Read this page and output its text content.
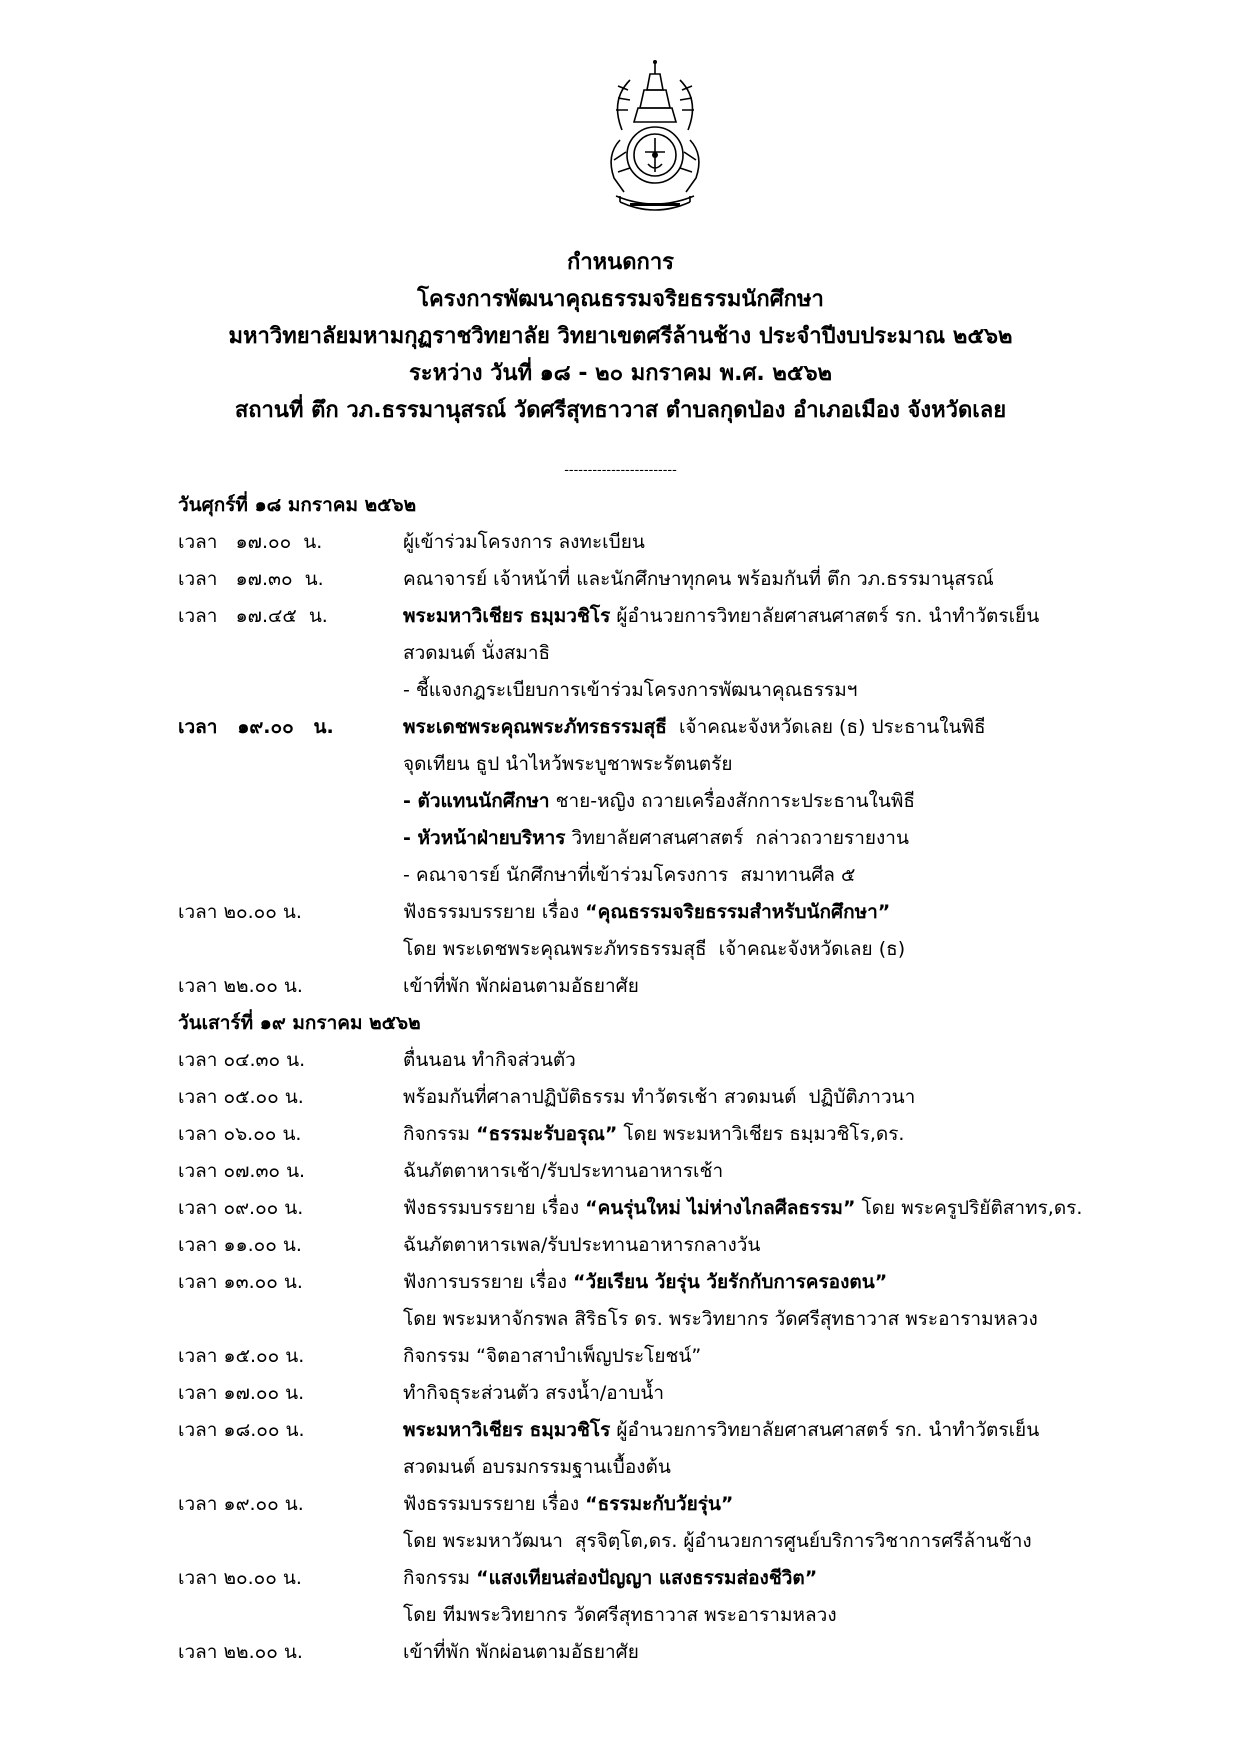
กำหนดการ
โครงการพัฒนาคุณธรรมจริยธรรมนักศึกษา
มหาวิทยาลัยมหามกุฏราชวิทยาลัย วิทยาเขตศรีล้านช้าง ประจำปีงบประมาณ ๒๕๖๒
ระหว่าง วันที่ ๑๘ - ๒๐ มกราคม พ.ศ. ๒๕๖๒
สถานที่ ตึก วภ.ธรรมานุสรณ์ วัดศรีสุทธาวาส ตำบลกุดป่อง อำเภอเมือง จังหวัดเลย
------------------------
วันศุกร์ที่ ๑๘ มกราคม ๒๕๖๒
เวลา   ๑๗.๐๐  น.	ผู้เข้าร่วมโครงการ ลงทะเบียน
เวลา   ๑๗.๓๐  น.	คณาจารย์ เจ้าหน้าที่ และนักศึกษาทุกคน พร้อมกันที่ ตึก วภ.ธรรมานุสรณ์
เวลา   ๑๗.๔๕  น.	พระมหาวิเชียร ธมฺมวชิโร ผู้อำนวยการวิทยาลัยศาสนศาสตร์ รก. นำทำวัตรเย็น
สวดมนต์ นั่งสมาธิ
- ชี้แจงกฎระเบียบการเข้าร่วมโครงการพัฒนาคุณธรรมฯ
เวลา   ๑๙.๐๐   น.	พระเดชพระคุณพระภัทรธรรมสุธี  เจ้าคณะจังหวัดเลย (ธ) ประธานในพิธี
จุดเทียน ธูป นำไหว้พระบูชาพระรัตนตรัย
- ตัวแทนนักศึกษา ชาย-หญิง ถวายเครื่องสักการะประธานในพิธี
- หัวหน้าฝ่ายบริหาร วิทยาลัยศาสนศาสตร์  กล่าวถวายรายงาน
- คณาจารย์ นักศึกษาที่เข้าร่วมโครงการ  สมาทานศีล ๕
เวลา ๒๐.๐๐ น.	ฟังธรรมบรรยาย เรื่อง “คุณธรรมจริยธรรมสำหรับนักศึกษา”
โดย พระเดชพระคุณพระภัทรธรรมสุธี  เจ้าคณะจังหวัดเลย (ธ)
เวลา ๒๒.๐๐ น.	เข้าที่พัก พักผ่อนตามอัธยาศัย
วันเสาร์ที่ ๑๙ มกราคม ๒๕๖๒
เวลา ๐๔.๓๐ น.	ตื่นนอน ทำกิจส่วนตัว
เวลา ๐๕.๐๐ น.	พร้อมกันที่ศาลาปฏิบัติธรรม ทำวัตรเช้า สวดมนต์  ปฏิบัติภาวนา
เวลา ๐๖.๐๐ น.	กิจกรรม “ธรรมะรับอรุณ” โดย พระมหาวิเชียร ธมฺมวชิโร,ดร.
เวลา ๐๗.๓๐ น.	ฉันภัตตาหารเช้า/รับประทานอาหารเช้า
เวลา ๐๙.๐๐ น.	ฟังธรรมบรรยาย เรื่อง “คนรุ่นใหม่ ไม่ห่างไกลศีลธรรม” โดย พระครูปริยัติสาทร,ดร.
เวลา ๑๑.๐๐ น.	ฉันภัตตาหารเพล/รับประทานอาหารกลางวัน
เวลา ๑๓.๐๐ น.	ฟังการบรรยาย เรื่อง “วัยเรียน วัยรุ่น วัยรักกับการครองตน”
โดย พระมหาจักรพล สิริธโร ดร. พระวิทยากร วัดศรีสุทธาวาส พระอารามหลวง
เวลา ๑๕.๐๐ น.	กิจกรรม “จิตอาสาบำเพ็ญประโยชน์”
เวลา ๑๗.๐๐ น.	ทำกิจธุระส่วนตัว สรงน้ำ/อาบน้ำ
เวลา ๑๘.๐๐ น.	พระมหาวิเชียร ธมฺมวชิโร ผู้อำนวยการวิทยาลัยศาสนศาสตร์ รก. นำทำวัตรเย็น
สวดมนต์ อบรมกรรมฐานเบื้องต้น
เวลา ๑๙.๐๐ น.	ฟังธรรมบรรยาย เรื่อง “ธรรมะกับวัยรุ่น”
โดย พระมหาวัฒนา  สุรจิตฺโต,ดร. ผู้อำนวยการศูนย์บริการวิชาการศรีล้านช้าง
เวลา ๒๐.๐๐ น.	กิจกรรม “แสงเทียนส่องปัญญา แสงธรรมส่องชีวิต”
โดย ทีมพระวิทยากร วัดศรีสุทธาวาส พระอารามหลวง
เวลา ๒๒.๐๐ น.	เข้าที่พัก พักผ่อนตามอัธยาศัย
